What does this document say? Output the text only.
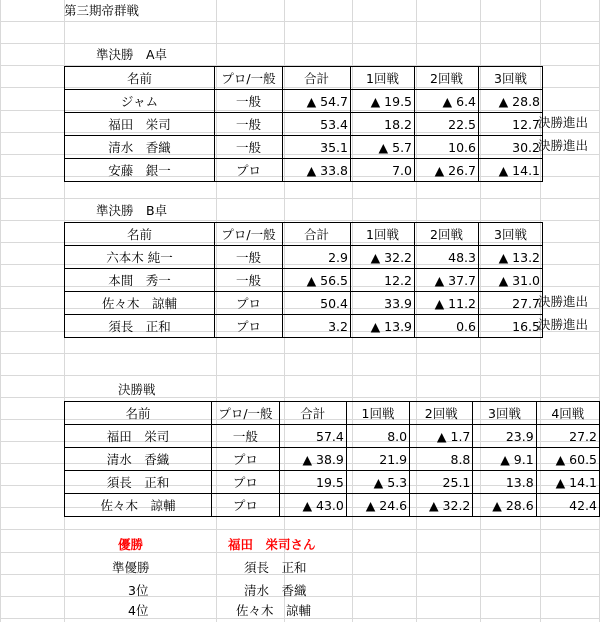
第三期帝群戦
準決勝　A卓
名前	プロ/一般	合計	1回戦	2回戦	3回戦
ジャム	一般	▲ 54.7	▲ 19.5	▲ 6.4	▲ 28.8
福田　栄司	一般	53.4	18.2	22.5	12.7
清水　香織	一般	35.1	▲ 5.7	10.6	30.2
安藤　銀一	プロ	▲ 33.8	7.0	▲ 26.7	▲ 14.1
決勝進出
決勝進出
準決勝　B卓
名前	プロ/一般	合計	1回戦	2回戦	3回戦
六本木 純一	一般	2.9	▲ 32.2	48.3	▲ 13.2
本間　秀一	一般	▲ 56.5	12.2	▲ 37.7	▲ 31.0
佐々木　諒輔	プロ	50.4	33.9	▲ 11.2	27.7
須長　正和	プロ	3.2	▲ 13.9	0.6	16.5
決勝進出
決勝進出
決勝戦
名前	プロ/一般	合計	1回戦	2回戦	3回戦	4回戦
福田　栄司	一般	57.4	8.0	▲ 1.7	23.9	27.2
清水　香織	プロ	▲ 38.9	21.9	8.8	▲ 9.1	▲ 60.5
須長　正和	プロ	19.5	▲ 5.3	25.1	13.8	▲ 14.1
佐々木　諒輔	プロ	▲ 43.0	▲ 24.6	▲ 32.2	▲ 28.6	42.4
優勝	福田　栄司さん
準優勝	須長　正和
3位	清水　香織
4位	佐々木　諒輔
